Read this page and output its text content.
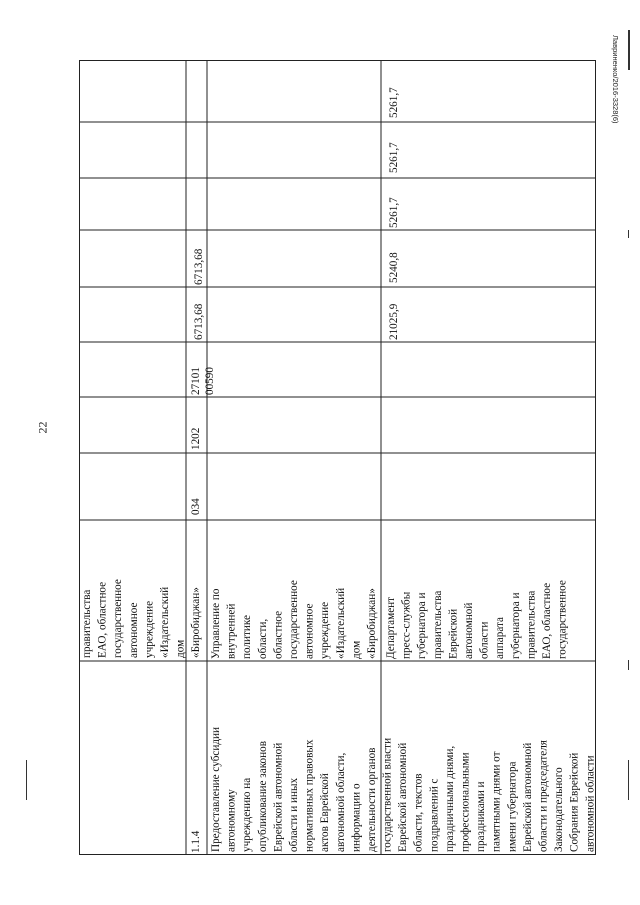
22
Лавриненко/2016-3328(6)
правительства
ЕАО, областное
государственное
автономное
учреждение
«Издательский
дом
«Биробиджан»
1.1.4 Предоставление субсидии
автономному
учреждению на
опубликование законов
Еврейской автономной
области и иных
нормативных правовых
актов Еврейской
автономной области,
информации о
деятельности органов
государственной власти
Еврейской автономной
области, текстов
поздравлений с
праздничными днями,
профессиональными
праздниками и
памятными днями от
имени губернатора
Еврейской автономной
области и председателя
Законодательного
Собрания Еврейской
автономной области
Управление по
внутренней
политике
области,
областное
государственное
автономное
учреждение
«Издательский
дом
«Биробиджан» Департамент
пресс-службы
губернатора и
правительства
Еврейской
автономной
области
аппарата
губернатора и
правительства
ЕАО, областное
государственное
034
1202
27101
00590
6713,68	21025,9
6713,68	5240,8
5261,7
5261,7
5261,7
